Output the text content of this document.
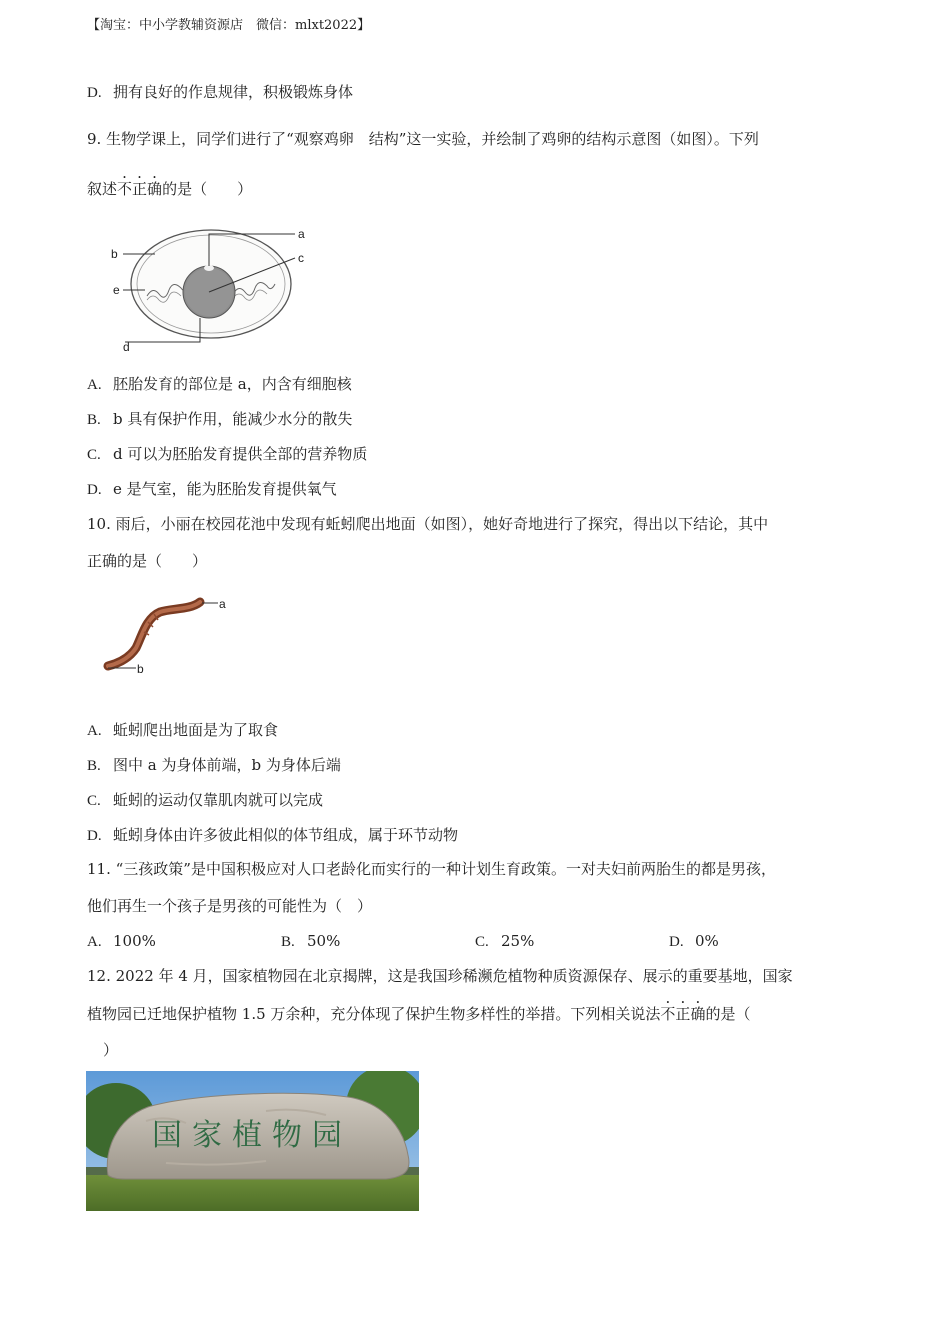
【淘宝：中小学教辅资源店　微信：mlxt2022】
D. 拥有良好的作息规律，积极锻炼身体
9. 生物学课上，同学们进行了“观察鸡卵　结构”这一实验，并绘制了鸡卵的结构示意图（如图）。下列
叙述不正确的是（　　）
a
c
b
e
d
A. 胚胎发育的部位是 a，内含有细胞核
B. b 具有保护作用，能减少水分的散失
C. d 可以为胚胎发育提供全部的营养物质
D. e 是气室，能为胚胎发育提供氧气
10. 雨后，小丽在校园花池中发现有蚯蚓爬出地面（如图），她好奇地进行了探究，得出以下结论，其中
正确的是（　　）
a
b
A. 蚯蚓爬出地面是为了取食
B. 图中 a 为身体前端，b 为身体后端
C. 蚯蚓的运动仅靠肌肉就可以完成
D. 蚯蚓身体由许多彼此相似的体节组成，属于环节动物
11. “三孩政策”是中国积极应对人口老龄化而实行的一种计划生育政策。一对夫妇前两胎生的都是男孩，
他们再生一个孩子是男孩的可能性为（　）
A. 100%	B. 50%	C. 25%	D. 0%
12. 2022 年 4 月，国家植物园在北京揭牌，这是我国珍稀濒危植物种质资源保存、展示的重要基地，国家
植物园已迁地保护植物 1.5 万余种，充分体现了保护生物多样性的举措。下列相关说法不正确的是（
）
国家植物园
